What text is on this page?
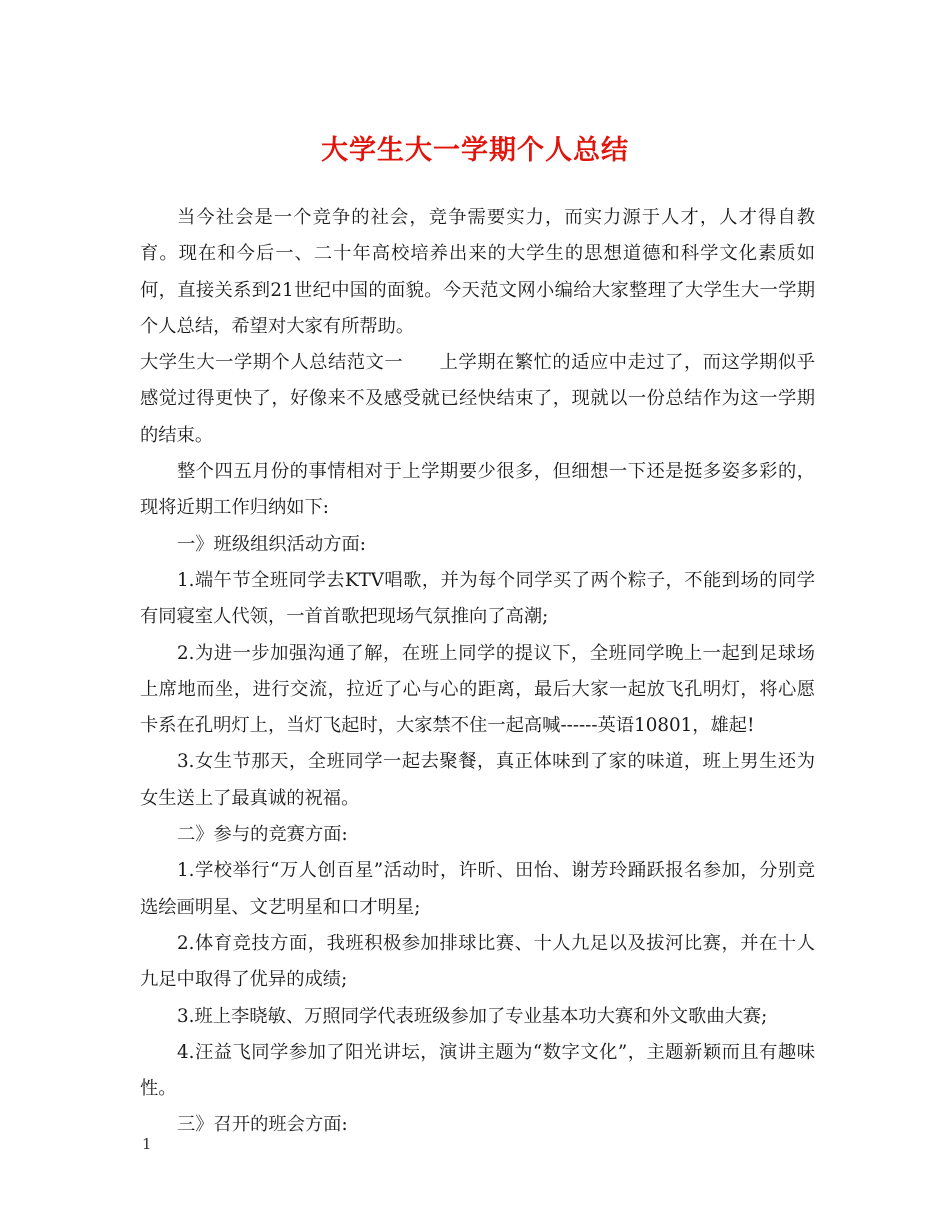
大学生大一学期个人总结

当今社会是一个竞争的社会，竞争需要实力，而实力源于人才，人才得自教育。现在和今后一、二十年高校培养出来的大学生的思想道德和科学文化素质如何，直接关系到21世纪中国的面貌。今天范文网小编给大家整理了大学生大一学期个人总结，希望对大家有所帮助。

大学生大一学期个人总结范文一 上学期在繁忙的适应中走过了，而这学期似乎感觉过得更快了，好像来不及感受就已经快结束了，现就以一份总结作为这一学期的结束。

整个四五月份的事情相对于上学期要少很多，但细想一下还是挺多姿多彩的，现将近期工作归纳如下:

一》班级组织活动方面:

1.端午节全班同学去KTV唱歌，并为每个同学买了两个粽子，不能到场的同学有同寝室人代领，一首首歌把现场气氛推向了高潮;

2.为进一步加强沟通了解，在班上同学的提议下，全班同学晚上一起到足球场上席地而坐，进行交流，拉近了心与心的距离，最后大家一起放飞孔明灯，将心愿卡系在孔明灯上，当灯飞起时，大家禁不住一起高喊------英语10801，雄起!

3.女生节那天，全班同学一起去聚餐，真正体味到了家的味道，班上男生还为女生送上了最真诚的祝福。

二》参与的竞赛方面:

1.学校举行“万人创百星”活动时，许昕、田怡、谢芳玲踊跃报名参加，分别竞选绘画明星、文艺明星和口才明星;

2.体育竞技方面，我班积极参加排球比赛、十人九足以及拔河比赛，并在十人九足中取得了优异的成绩;

3.班上李晓敏、万照同学代表班级参加了专业基本功大赛和外文歌曲大赛;

4.汪益飞同学参加了阳光讲坛，演讲主题为“数字文化”，主题新颖而且有趣味性。

三》召开的班会方面:

1
